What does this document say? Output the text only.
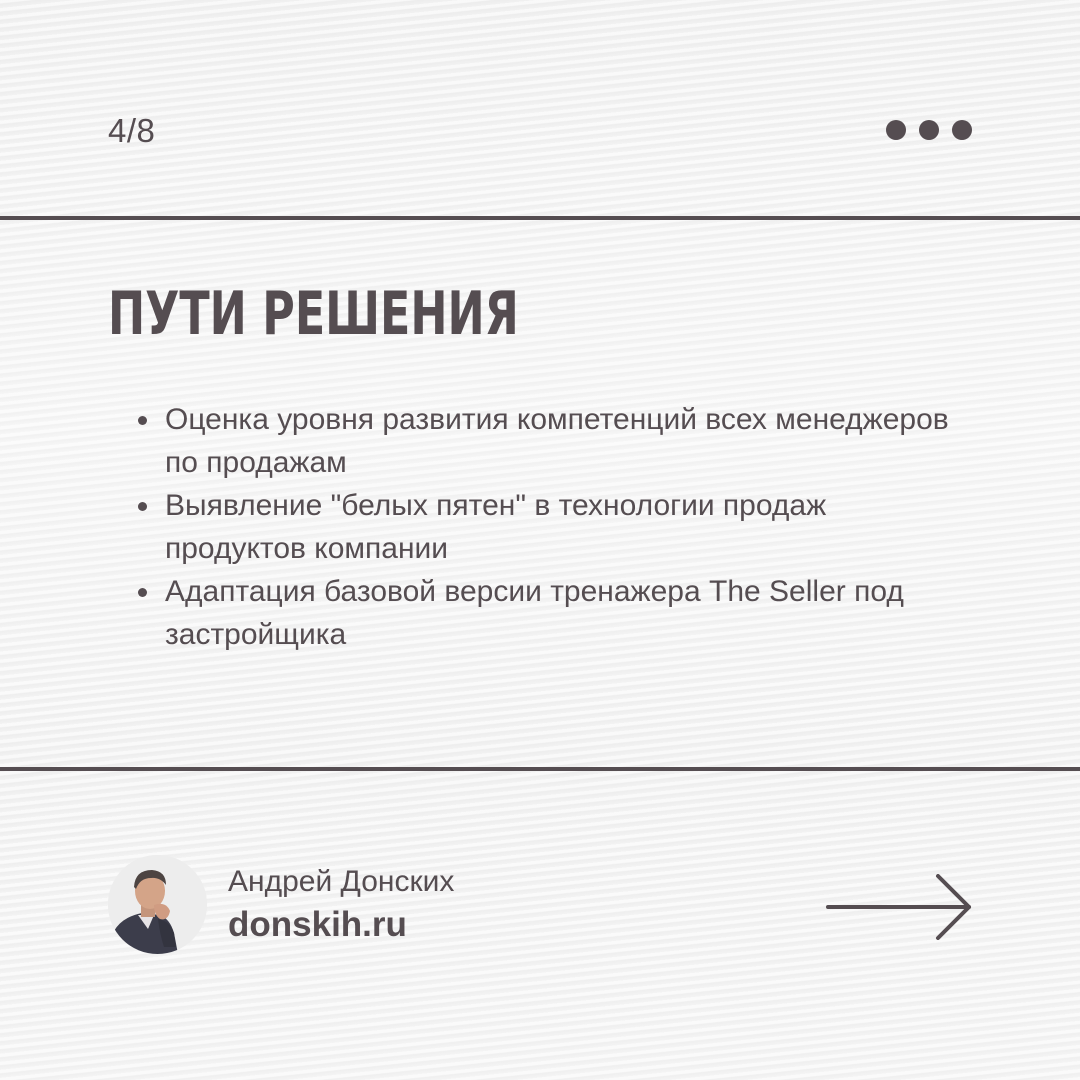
4/8
ПУТИ РЕШЕНИЯ
Оценка уровня развития компетенций всех менеджеров по продажам
Выявление "белых пятен" в технологии продаж продуктов компании
Адаптация базовой версии тренажера The Seller под застройщика
Андрей Донских
donskih.ru
